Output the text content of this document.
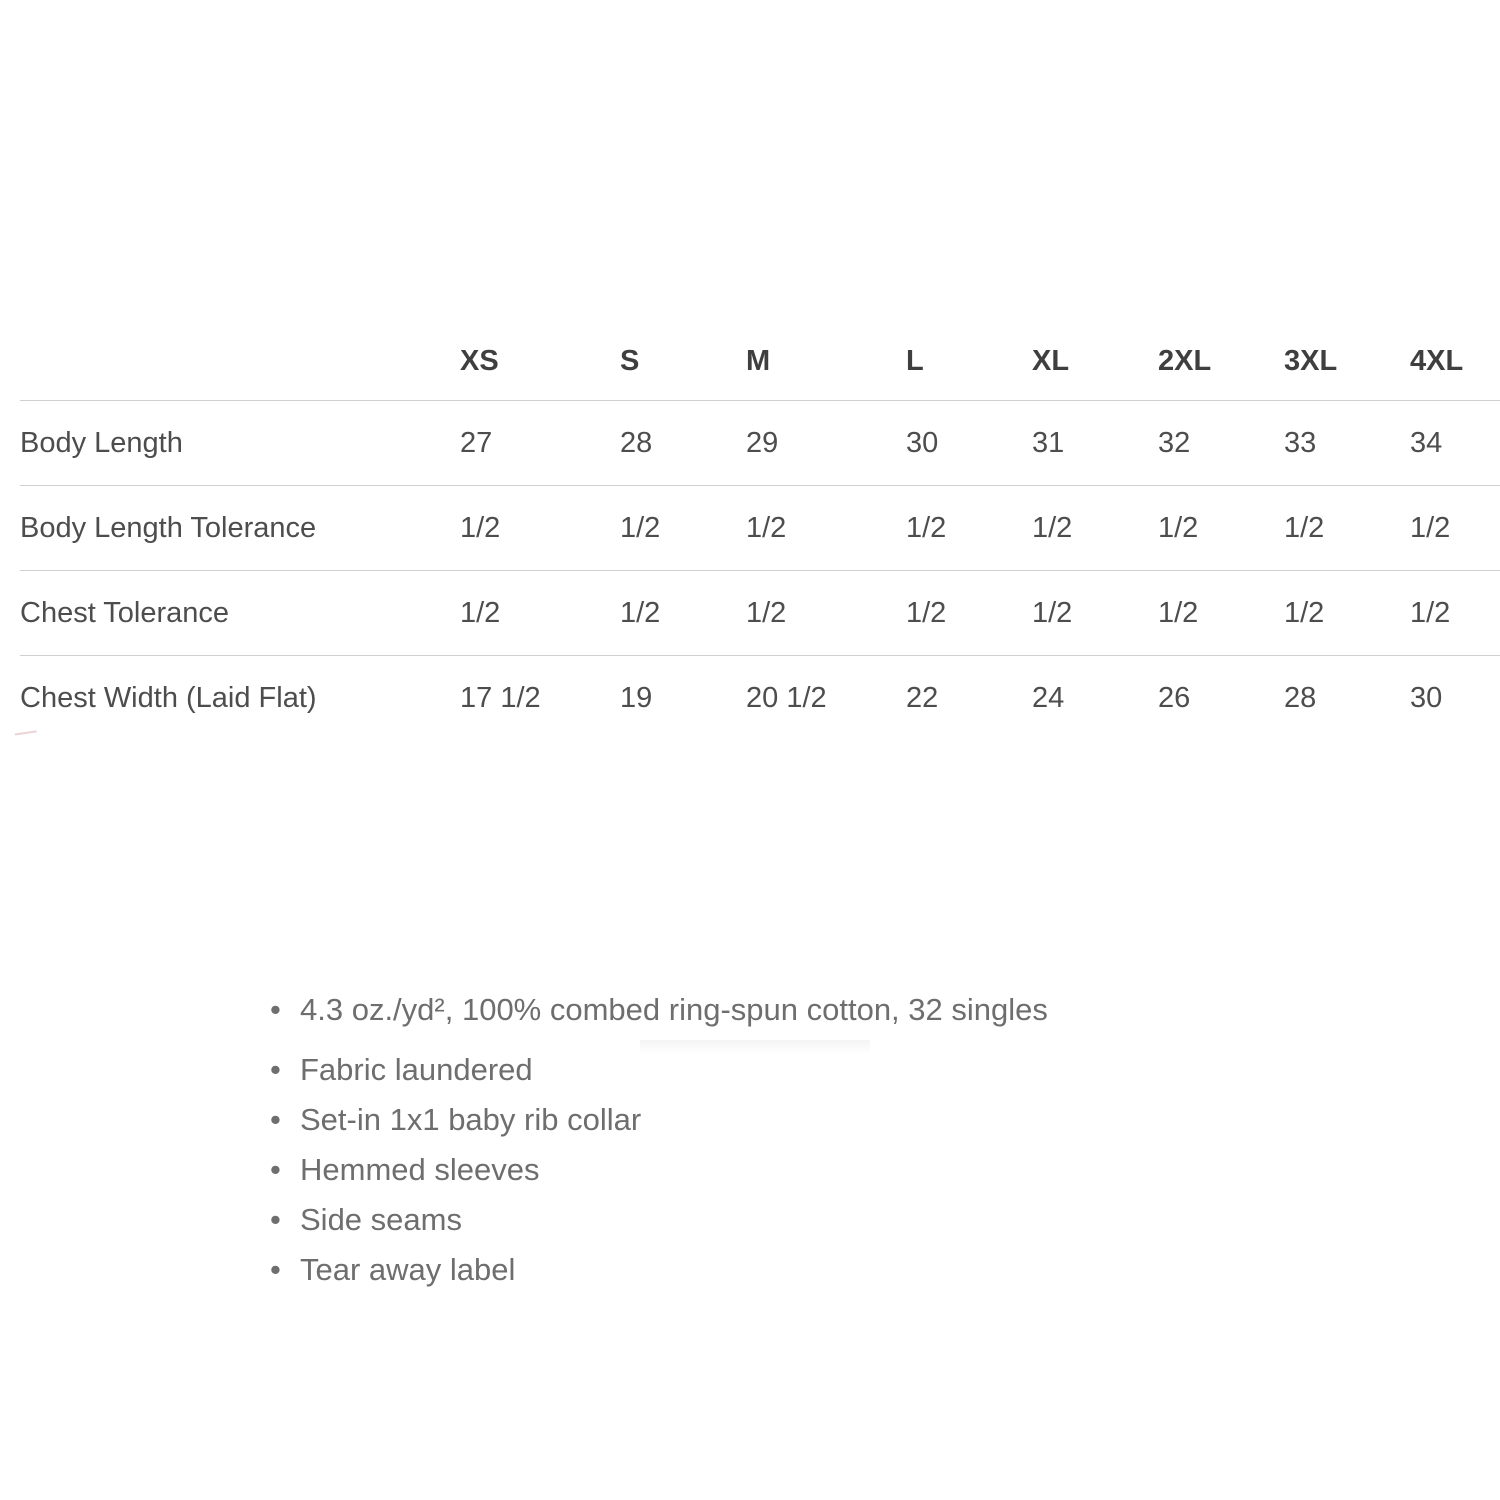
	XS	S	M	L	XL	2XL	3XL	4XL
Body Length	27	28	29	30	31	32	33	34
Body Length Tolerance	1/2	1/2	1/2	1/2	1/2	1/2	1/2	1/2
Chest Tolerance	1/2	1/2	1/2	1/2	1/2	1/2	1/2	1/2
Chest Width (Laid Flat)	17 1/2	19	20 1/2	22	24	26	28	30
• 4.3 oz./yd², 100% combed ring-spun cotton, 32 singles
• Fabric laundered
• Set-in 1x1 baby rib collar
• Hemmed sleeves
• Side seams
• Tear away label
